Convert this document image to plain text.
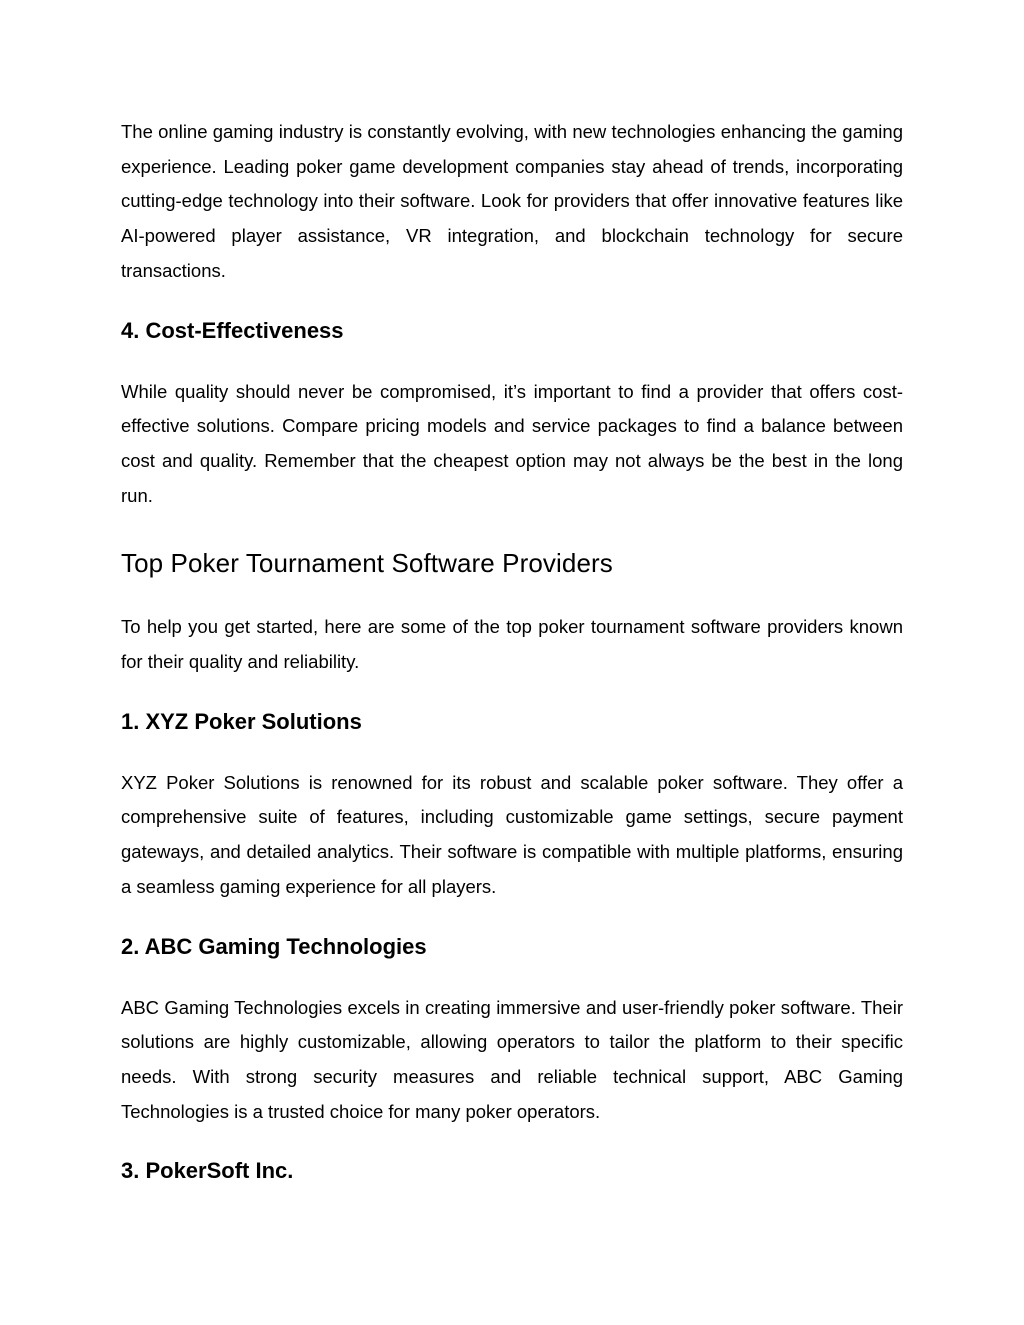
The online gaming industry is constantly evolving, with new technologies enhancing the gaming experience. Leading poker game development companies stay ahead of trends, incorporating cutting-edge technology into their software. Look for providers that offer innovative features like AI-powered player assistance, VR integration, and blockchain technology for secure transactions.

4. Cost-Effectiveness

While quality should never be compromised, it’s important to find a provider that offers cost-effective solutions. Compare pricing models and service packages to find a balance between cost and quality. Remember that the cheapest option may not always be the best in the long run.

Top Poker Tournament Software Providers

To help you get started, here are some of the top poker tournament software providers known for their quality and reliability.

1. XYZ Poker Solutions

XYZ Poker Solutions is renowned for its robust and scalable poker software. They offer a comprehensive suite of features, including customizable game settings, secure payment gateways, and detailed analytics. Their software is compatible with multiple platforms, ensuring a seamless gaming experience for all players.

2. ABC Gaming Technologies

ABC Gaming Technologies excels in creating immersive and user-friendly poker software. Their solutions are highly customizable, allowing operators to tailor the platform to their specific needs. With strong security measures and reliable technical support, ABC Gaming Technologies is a trusted choice for many poker operators.

3. PokerSoft Inc.
